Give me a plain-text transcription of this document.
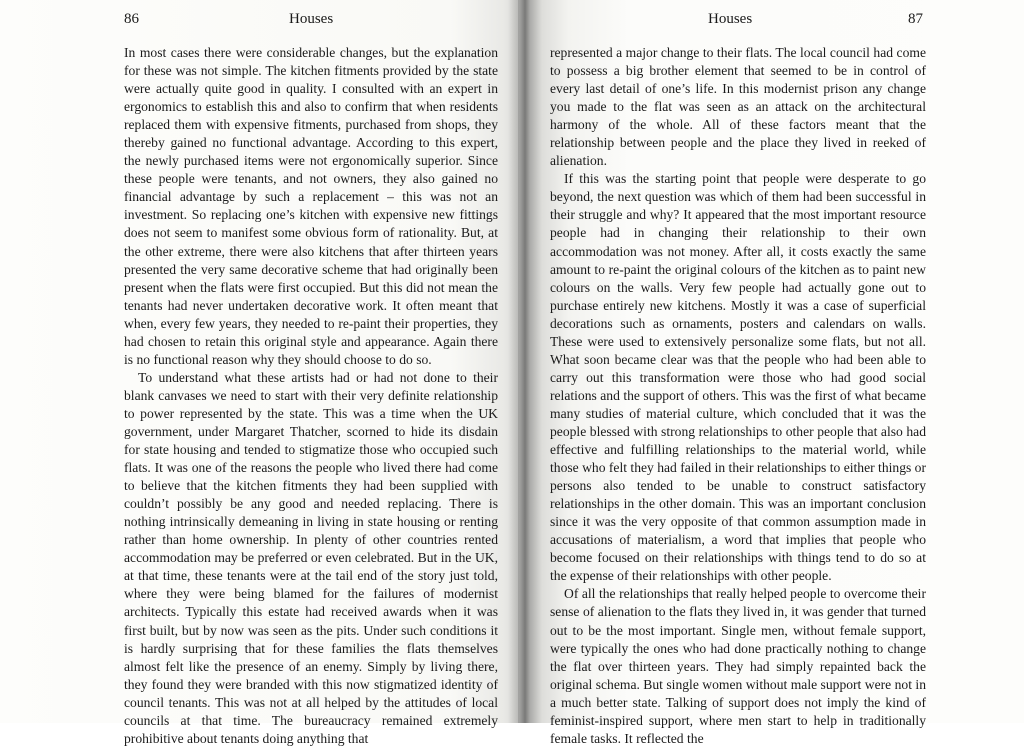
86	Houses

In most cases there were considerable changes, but the explanation for these was not simple. The kitchen fitments provided by the state were actually quite good in quality. I consulted with an expert in ergonomics to establish this and also to confirm that when residents replaced them with expensive fitments, purchased from shops, they thereby gained no functional advantage. According to this expert, the newly purchased items were not ergonomically superior. Since these people were tenants, and not owners, they also gained no financial advantage by such a replacement – this was not an investment. So replacing one’s kitchen with expensive new fittings does not seem to manifest some obvious form of rationality. But, at the other extreme, there were also kitchens that after thirteen years presented the very same decorative scheme that had originally been present when the flats were first occupied. But this did not mean the tenants had never undertaken decorative work. It often meant that when, every few years, they needed to re-paint their properties, they had chosen to retain this original style and appearance. Again there is no functional reason why they should choose to do so.

To understand what these artists had or had not done to their blank canvases we need to start with their very definite relationship to power represented by the state. This was a time when the UK government, under Margaret Thatcher, scorned to hide its disdain for state housing and tended to stigmatize those who occupied such flats. It was one of the reasons the people who lived there had come to believe that the kitchen fitments they had been supplied with couldn’t possibly be any good and needed replacing. There is nothing intrinsically demeaning in living in state housing or renting rather than home ownership. In plenty of other countries rented accommodation may be preferred or even celebrated. But in the UK, at that time, these tenants were at the tail end of the story just told, where they were being blamed for the failures of modernist architects. Typically this estate had received awards when it was first built, but by now was seen as the pits. Under such conditions it is hardly surprising that for these families the flats themselves almost felt like the presence of an enemy. Simply by living there, they found they were branded with this now stigmatized identity of council tenants. This was not at all helped by the attitudes of local councils at that time. The bureaucracy remained extremely prohibitive about tenants doing anything that

Houses	87

represented a major change to their flats. The local council had come to possess a big brother element that seemed to be in control of every last detail of one’s life. In this modernist prison any change you made to the flat was seen as an attack on the architectural harmony of the whole. All of these factors meant that the relationship between people and the place they lived in reeked of alienation.

If this was the starting point that people were desperate to go beyond, the next question was which of them had been successful in their struggle and why? It appeared that the most important resource people had in changing their relationship to their own accommodation was not money. After all, it costs exactly the same amount to re-paint the original colours of the kitchen as to paint new colours on the walls. Very few people had actually gone out to purchase entirely new kitchens. Mostly it was a case of superficial decorations such as ornaments, posters and calendars on walls. These were used to extensively personalize some flats, but not all. What soon became clear was that the people who had been able to carry out this transformation were those who had good social relations and the support of others. This was the first of what became many studies of material culture, which concluded that it was the people blessed with strong relationships to other people that also had effective and fulfilling relationships to the material world, while those who felt they had failed in their relationships to either things or persons also tended to be unable to construct satisfactory relationships in the other domain. This was an important conclusion since it was the very opposite of that common assumption made in accusations of materialism, a word that implies that people who become focused on their relationships with things tend to do so at the expense of their relationships with other people.

Of all the relationships that really helped people to overcome their sense of alienation to the flats they lived in, it was gender that turned out to be the most important. Single men, without female support, were typically the ones who had done practically nothing to change the flat over thirteen years. They had simply repainted back the original schema. But single women without male support were not in a much better state. Talking of support does not imply the kind of feminist-inspired support, where men start to help in traditionally female tasks. It reflected the
